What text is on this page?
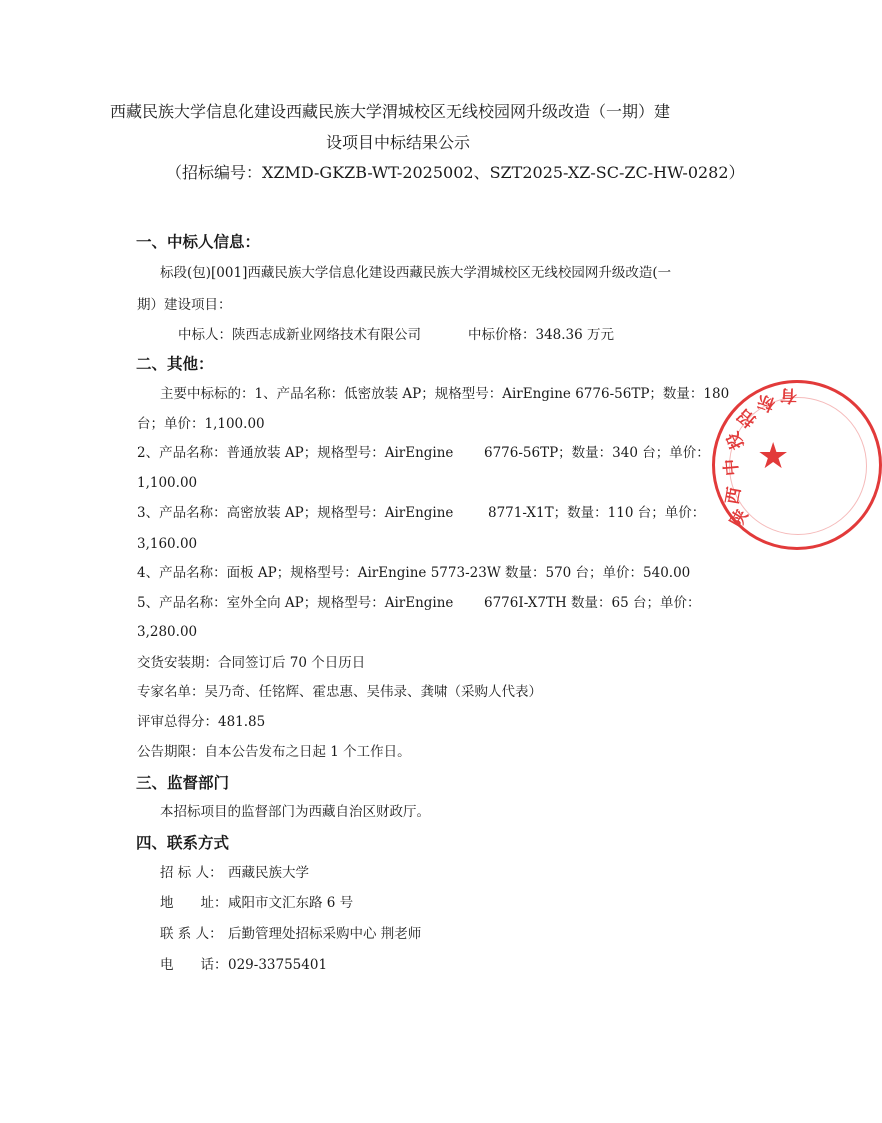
西藏民族大学信息化建设西藏民族大学渭城校区无线校园网升级改造（一期）建
设项目中标结果公示
（招标编号：XZMD-GKZB-WT-2025002、SZT2025-XZ-SC-ZC-HW-0282）
一、中标人信息：
标段(包)[001]西藏民族大学信息化建设西藏民族大学渭城校区无线校园网升级改造(一
期）建设项目：
中标人：陕西志成新业网络技术有限公司	中标价格：348.36 万元
二、其他：
主要中标标的：1、产品名称：低密放装 AP；规格型号：AirEngine 6776-56TP；数量：180
台；单价：1,100.00
2、产品名称：普通放装 AP；规格型号：AirEngine 6776-56TP；数量：340 台；单价：
1,100.00
3、产品名称：高密放装 AP；规格型号：AirEngine	8771-X1T；数量：110 台；单价：
3,160.00
4、产品名称：面板 AP；规格型号：AirEngine 5773-23W 数量：570 台；单价：540.00
5、产品名称：室外全向 AP；规格型号：AirEngine 6776I-X7TH 数量：65 台；单价：
3,280.00
交货安装期：合同签订后 70 个日历日
专家名单：吴乃奇、任铭辉、霍忠惠、吴伟录、龚啸（采购人代表）
评审总得分：481.85
公告期限：自本公告发布之日起 1 个工作日。
三、监督部门
本招标项目的监督部门为西藏自治区财政厅。
四、联系方式
招 标 人： 西藏民族大学
地　　址： 咸阳市文汇东路 6 号
联 系 人： 后勤管理处招标采购中心 荆老师
电　　话： 029-33755401
★
陕
西
中
投
招
标 有
